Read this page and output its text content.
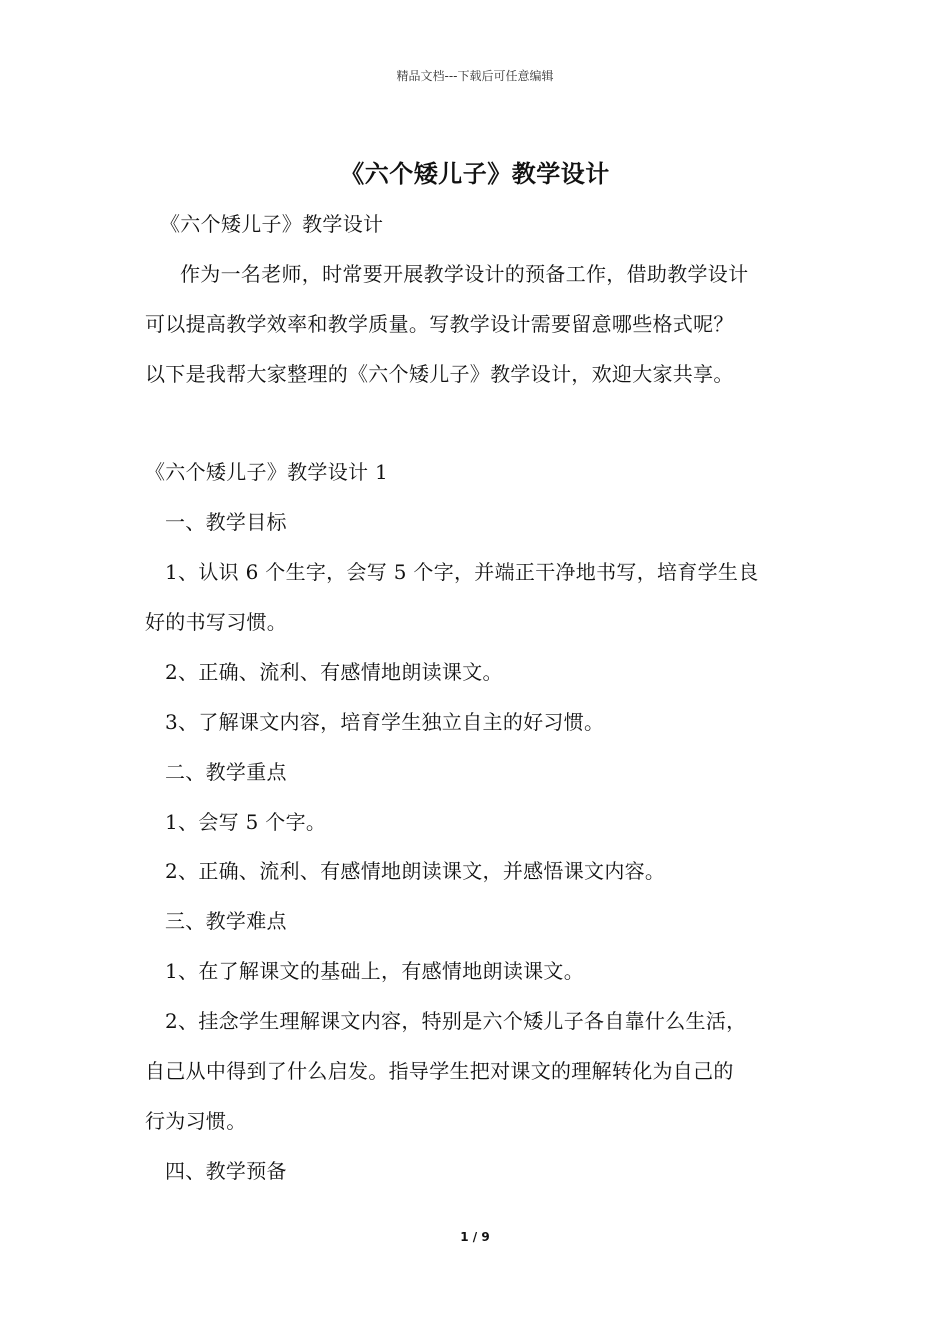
精品文档---下载后可任意编辑
《六个矮儿子》教学设计
《六个矮儿子》教学设计
作为一名老师，时常要开展教学设计的预备工作，借助教学设计
可以提高教学效率和教学质量。写教学设计需要留意哪些格式呢？
以下是我帮大家整理的《六个矮儿子》教学设计，欢迎大家共享。
《六个矮儿子》教学设计 1
一、教学目标
1、认识 6 个生字，会写 5 个字，并端正干净地书写，培育学生良
好的书写习惯。
2、正确、流利、有感情地朗读课文。
3、了解课文内容，培育学生独立自主的好习惯。
二、教学重点
1、会写 5 个字。
2、正确、流利、有感情地朗读课文，并感悟课文内容。
三、教学难点
1、在了解课文的基础上，有感情地朗读课文。
2、挂念学生理解课文内容，特别是六个矮儿子各自靠什么生活，
自己从中得到了什么启发。指导学生把对课文的理解转化为自己的
行为习惯。
四、教学预备
1 / 9
